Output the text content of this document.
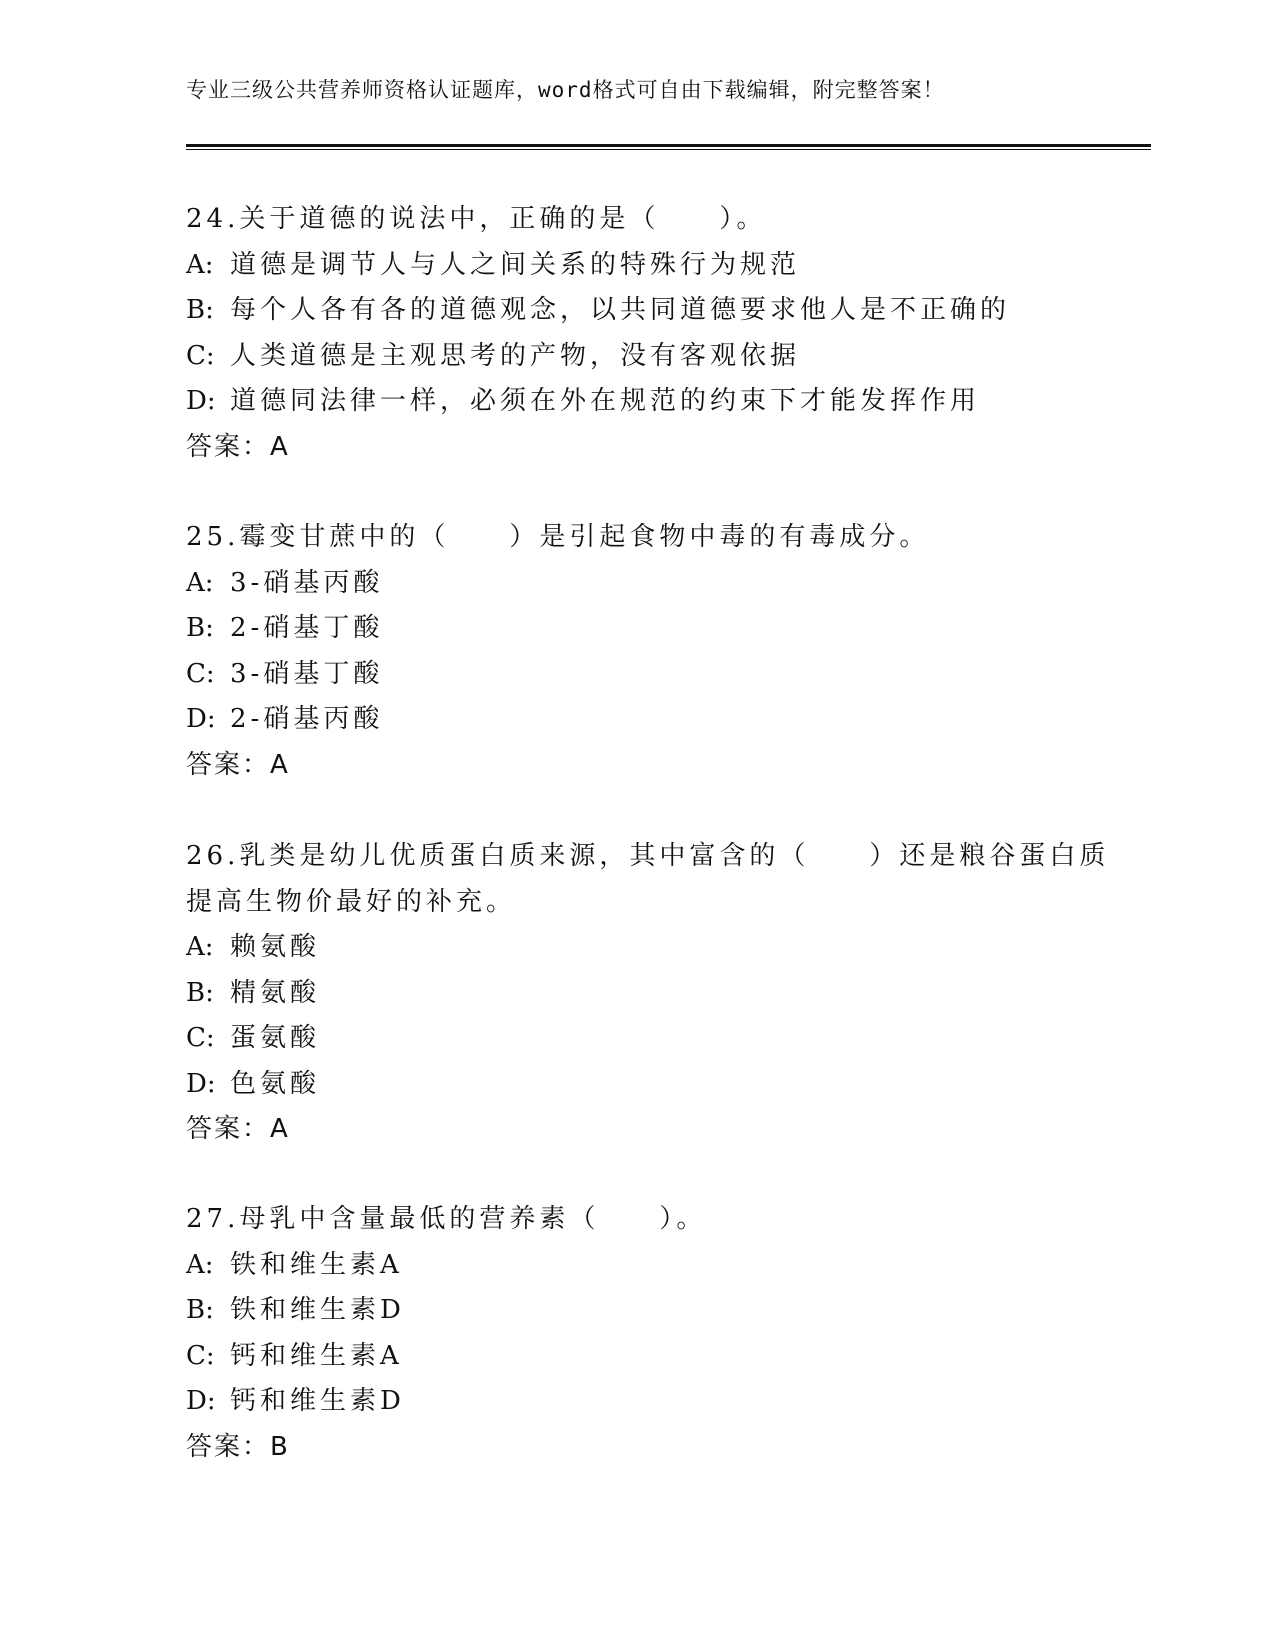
专业三级公共营养师资格认证题库，word格式可自由下载编辑，附完整答案！
24.关于道德的说法中，正确的是（　　）。
A: 道德是调节人与人之间关系的特殊行为规范
B: 每个人各有各的道德观念，以共同道德要求他人是不正确的
C: 人类道德是主观思考的产物，没有客观依据
D: 道德同法律一样，必须在外在规范的约束下才能发挥作用
答案：A
25.霉变甘蔗中的（　　）是引起食物中毒的有毒成分。
A: 3-硝基丙酸
B: 2-硝基丁酸
C: 3-硝基丁酸
D: 2-硝基丙酸
答案：A
26.乳类是幼儿优质蛋白质来源，其中富含的（　　）还是粮谷蛋白质
提高生物价最好的补充。
A: 赖氨酸
B: 精氨酸
C: 蛋氨酸
D: 色氨酸
答案：A
27.母乳中含量最低的营养素（　　）。
A: 铁和维生素A
B: 铁和维生素D
C: 钙和维生素A
D: 钙和维生素D
答案：B
